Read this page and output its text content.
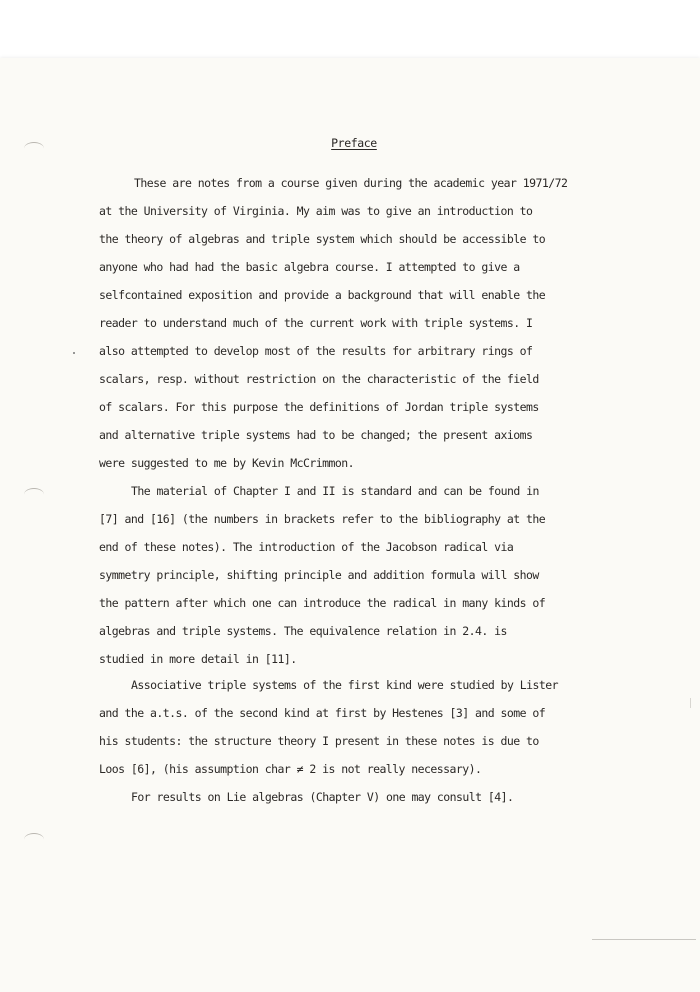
Preface
These are notes from a course given during the academic year 1971/72
at the University of Virginia. My aim was to give an introduction to
the theory of algebras and triple system which should be accessible to
anyone who had had the basic algebra course. I attempted to give a
selfcontained exposition and provide a background that will enable the
reader to understand much of the current work with triple systems. I
also attempted to develop most of the results for arbitrary rings of
scalars, resp. without restriction on the characteristic of the field
of scalars. For this purpose the definitions of Jordan triple systems
and alternative triple systems had to be changed; the present axioms
were suggested to me by Kevin McCrimmon.
The material of Chapter I and II is standard and can be found in
[7] and [16] (the numbers in brackets refer to the bibliography at the
end of these notes). The introduction of the Jacobson radical via
symmetry principle, shifting principle and addition formula will show
the pattern after which one can introduce the radical in many kinds of
algebras and triple systems. The equivalence relation in 2.4. is
studied in more detail in [11].
Associative triple systems of the first kind were studied by Lister
and the a.t.s. of the second kind at first by Hestenes [3] and some of
his students: the structure theory I present in these notes is due to
Loos [6], (his assumption char ≠ 2 is not really necessary).
For results on Lie algebras (Chapter V) one may consult [4].
